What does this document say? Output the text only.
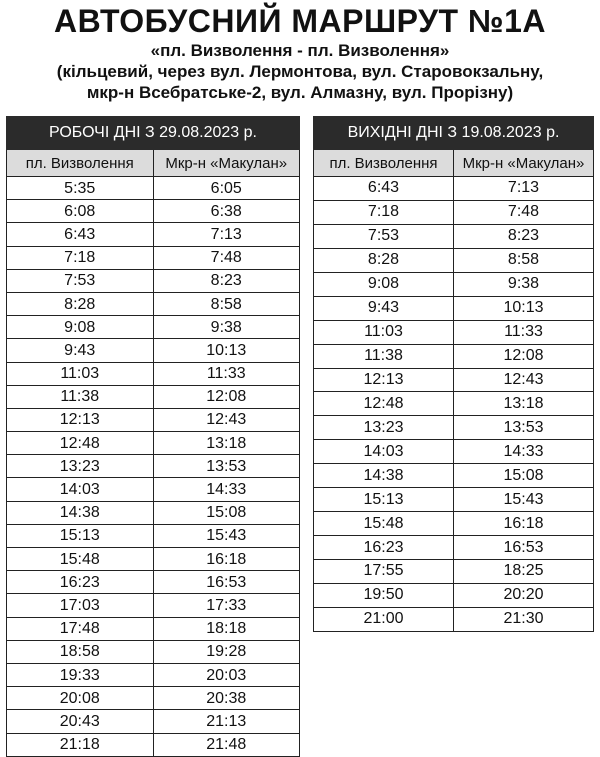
АВТОБУСНИЙ МАРШРУТ №1А
«пл. Визволення - пл. Визволення»
(кільцевий, через вул. Лермонтова, вул. Старовокзальну,
мкр-н Всебратське-2, вул. Алмазну, вул. Прорізну)
РОБОЧІ ДНІ З 29.08.2023 р.	
пл. Визволення	Мкр-н «Макулан»
5:35	6:05
6:08	6:38
6:43	7:13
7:18	7:48
7:53	8:23
8:28	8:58
9:08	9:38
9:43	10:13
11:03	11:33
11:38	12:08
12:13	12:43
12:48	13:18
13:23	13:53
14:03	14:33
14:38	15:08
15:13	15:43
15:48	16:18
16:23	16:53
17:03	17:33
17:48	18:18
18:58	19:28
19:33	20:03
20:08	20:38
20:43	21:13
21:18	21:48
ВИХІДНІ ДНІ З 19.08.2023 р.	
пл. Визволення	Мкр-н «Макулан»
6:43	7:13
7:18	7:48
7:53	8:23
8:28	8:58
9:08	9:38
9:43	10:13
11:03	11:33
11:38	12:08
12:13	12:43
12:48	13:18
13:23	13:53
14:03	14:33
14:38	15:08
15:13	15:43
15:48	16:18
16:23	16:53
17:55	18:25
19:50	20:20
21:00	21:30
